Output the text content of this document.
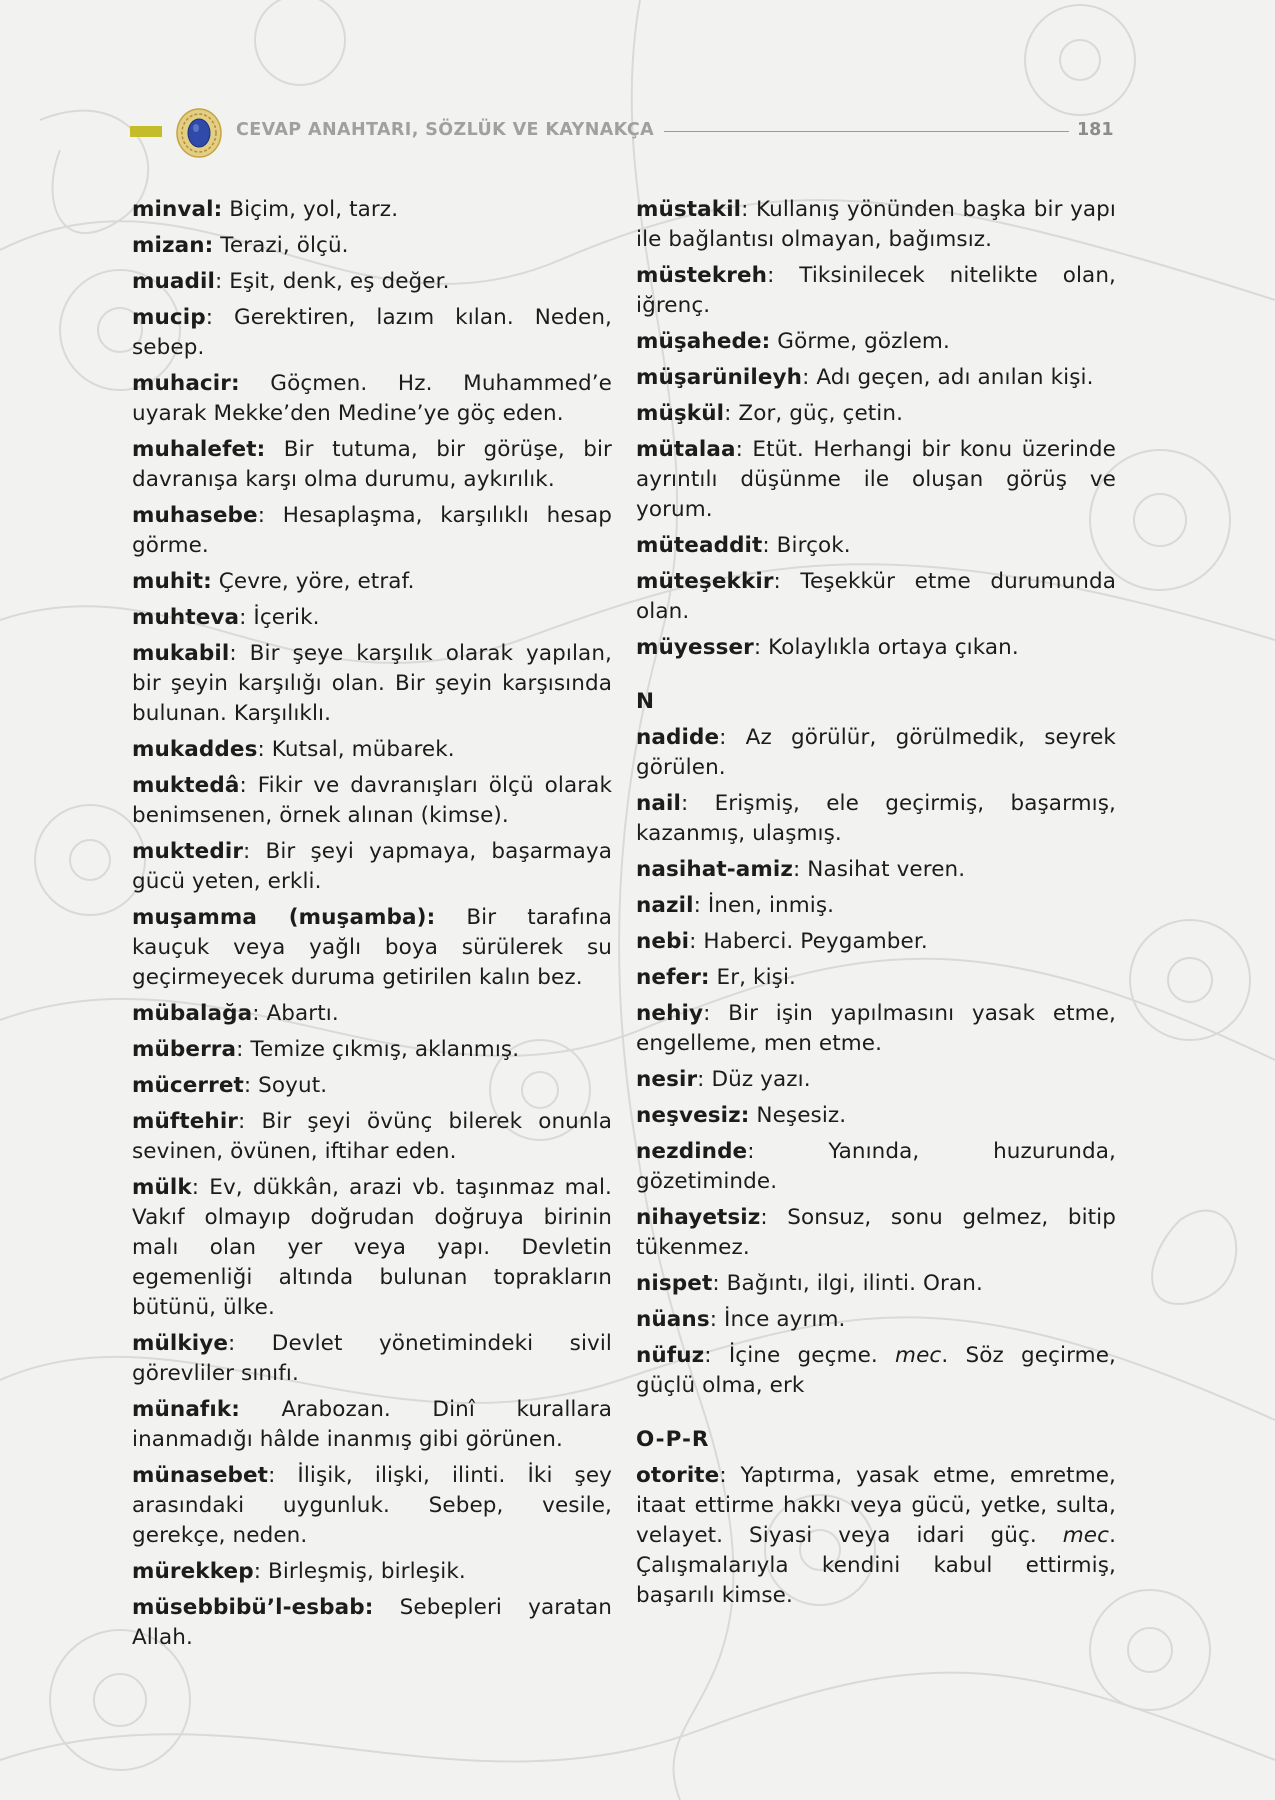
CEVAP ANAHTARI, SÖZLÜK VE KAYNAKÇA	181

minval: Biçim, yol, tarz.

mizan: Terazi, ölçü.

muadil: Eşit, denk, eş değer.

mucip: Gerektiren, lazım kılan. Neden, sebep.

muhacir: Göçmen. Hz. Muhammed’e uyarak Mekke’den Medine’ye göç eden.

muhalefet: Bir tutuma, bir görüşe, bir davranışa karşı olma durumu, aykırılık.

muhasebe: Hesaplaşma, karşılıklı hesap görme.

muhit: Çevre, yöre, etraf.

muhteva: İçerik.

mukabil: Bir şeye karşılık olarak yapılan, bir şeyin karşılığı olan. Bir şeyin karşısında bulunan. Karşılıklı.

mukaddes: Kutsal, mübarek.

muktedâ: Fikir ve davranışları ölçü olarak benimsenen, örnek alınan (kimse).

muktedir: Bir şeyi yapmaya, başarmaya gücü yeten, erkli.

muşamma (muşamba): Bir tarafına kauçuk veya yağlı boya sürülerek su geçirmeyecek duruma getirilen kalın bez.

mübalağa: Abartı.

müberra: Temize çıkmış, aklanmış.

mücerret: Soyut.

müftehir: Bir şeyi övünç bilerek onunla sevinen, övünen, iftihar eden.

mülk: Ev, dükkân, arazi vb. taşınmaz mal. Vakıf olmayıp doğrudan doğruya birinin malı olan yer veya yapı. Devletin egemenliği altında bulunan toprakların bütünü, ülke.

mülkiye: Devlet yönetimindeki sivil görevliler sınıfı.

münafık: Arabozan. Dinî kurallara inanmadığı hâlde inanmış gibi görünen.

münasebet: İlişik, ilişki, ilinti. İki şey arasındaki uygunluk. Sebep, vesile, gerekçe, neden.

mürekkep: Birleşmiş, birleşik.

müsebbibü’l-esbab: Sebepleri yaratan Allah.

müstakil: Kullanış yönünden başka bir yapı ile bağlantısı olmayan, bağımsız.

müstekreh: Tiksinilecek nitelikte olan, iğrenç.

müşahede: Görme, gözlem.

müşarünileyh: Adı geçen, adı anılan kişi.

müşkül: Zor, güç, çetin.

mütalaa: Etüt. Herhangi bir konu üzerinde ayrıntılı düşünme ile oluşan görüş ve yorum.

müteaddit: Birçok.

müteşekkir: Teşekkür etme durumunda olan.

müyesser: Kolaylıkla ortaya çıkan.

N

nadide: Az görülür, görülmedik, seyrek görülen.

nail: Erişmiş, ele geçirmiş, başarmış, kazanmış, ulaşmış.

nasihat-amiz: Nasihat veren.

nazil: İnen, inmiş.

nebi: Haberci. Peygamber.

nefer: Er, kişi.

nehiy: Bir işin yapılmasını yasak etme, engelleme, men etme.

nesir: Düz yazı.

neşvesiz: Neşesiz.

nezdinde: Yanında, huzurunda, gözetiminde.

nihayetsiz: Sonsuz, sonu gelmez, bitip tükenmez.

nispet: Bağıntı, ilgi, ilinti. Oran.

nüans: İnce ayrım.

nüfuz: İçine geçme. mec. Söz geçirme, güçlü olma, erk

O-P-R

otorite: Yaptırma, yasak etme, emretme, itaat ettirme hakkı veya gücü, yetke, sulta, velayet. Siyasi veya idari güç. mec. Çalışmalarıyla kendini kabul ettirmiş, başarılı kimse.
